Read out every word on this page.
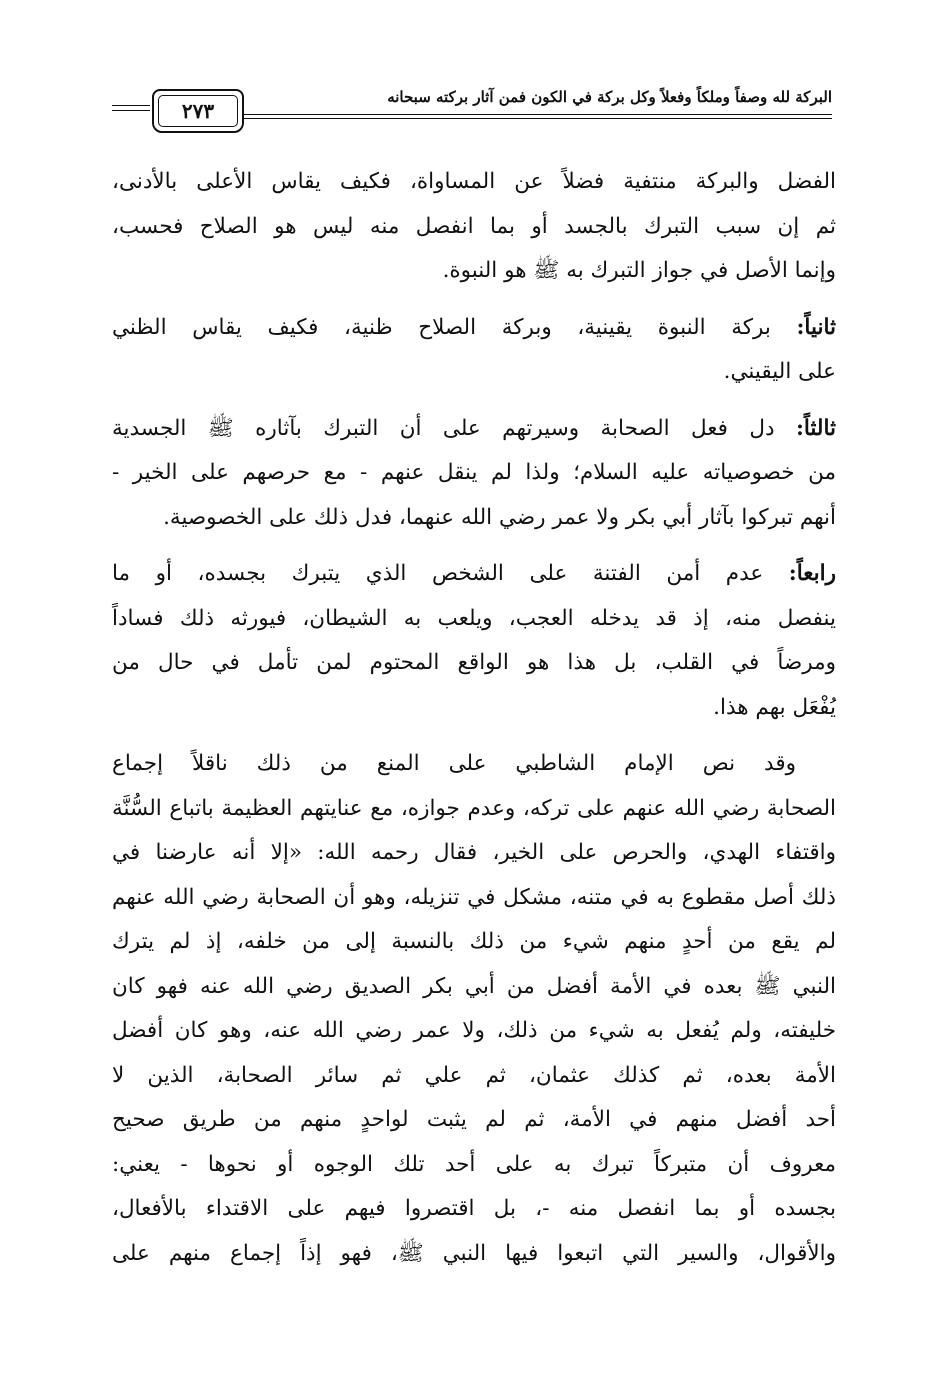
البركة لله وصفاً وملكاً وفعلاً وكل بركة في الكون فمن آثار بركته سبحانه
٢٧٣
الفضل والبركة منتفية فضلاً عن المساواة، فكيف يقاس الأعلى بالأدنى،
ثم إن سبب التبرك بالجسد أو بما انفصل منه ليس هو الصلاح فحسب،
وإنما الأصل في جواز التبرك به ﷺ هو النبوة.
ثانياً: بركة النبوة يقينية، وبركة الصلاح ظنية، فكيف يقاس الظني
على اليقيني.
ثالثاً: دل فعل الصحابة وسيرتهم على أن التبرك بآثاره ﷺ الجسدية
من خصوصياته عليه السلام؛ ولذا لم ينقل عنهم - مع حرصهم على الخير -
أنهم تبركوا بآثار أبي بكر ولا عمر رضي الله عنهما، فدل ذلك على الخصوصية.
رابعاً: عدم أمن الفتنة على الشخص الذي يتبرك بجسده، أو ما
ينفصل منه، إذ قد يدخله العجب، ويلعب به الشيطان، فيورثه ذلك فساداً
ومرضاً في القلب، بل هذا هو الواقع المحتوم لمن تأمل في حال من
يُفْعَل بهم هذا.
وقد نص الإمام الشاطبي على المنع من ذلك ناقلاً إجماع
الصحابة رضي الله عنهم على تركه، وعدم جوازه، مع عنايتهم العظيمة باتباع السُّنَّة
واقتفاء الهدي، والحرص على الخير، فقال رحمه الله: «إلا أنه عارضنا في
ذلك أصل مقطوع به في متنه، مشكل في تنزيله، وهو أن الصحابة رضي الله عنهم
لم يقع من أحدٍ منهم شيء من ذلك بالنسبة إلى من خلفه، إذ لم يترك
النبي ﷺ بعده في الأمة أفضل من أبي بكر الصديق رضي الله عنه فهو كان
خليفته، ولم يُفعل به شيء من ذلك، ولا عمر رضي الله عنه، وهو كان أفضل
الأمة بعده، ثم كذلك عثمان، ثم علي ثم سائر الصحابة، الذين لا
أحد أفضل منهم في الأمة، ثم لم يثبت لواحدٍ منهم من طريق صحيح
معروف أن متبركاً تبرك به على أحد تلك الوجوه أو نحوها - يعني:
بجسده أو بما انفصل منه -، بل اقتصروا فيهم على الاقتداء بالأفعال،
والأقوال، والسير التي اتبعوا فيها النبي ﷺ، فهو إذاً إجماع منهم على
